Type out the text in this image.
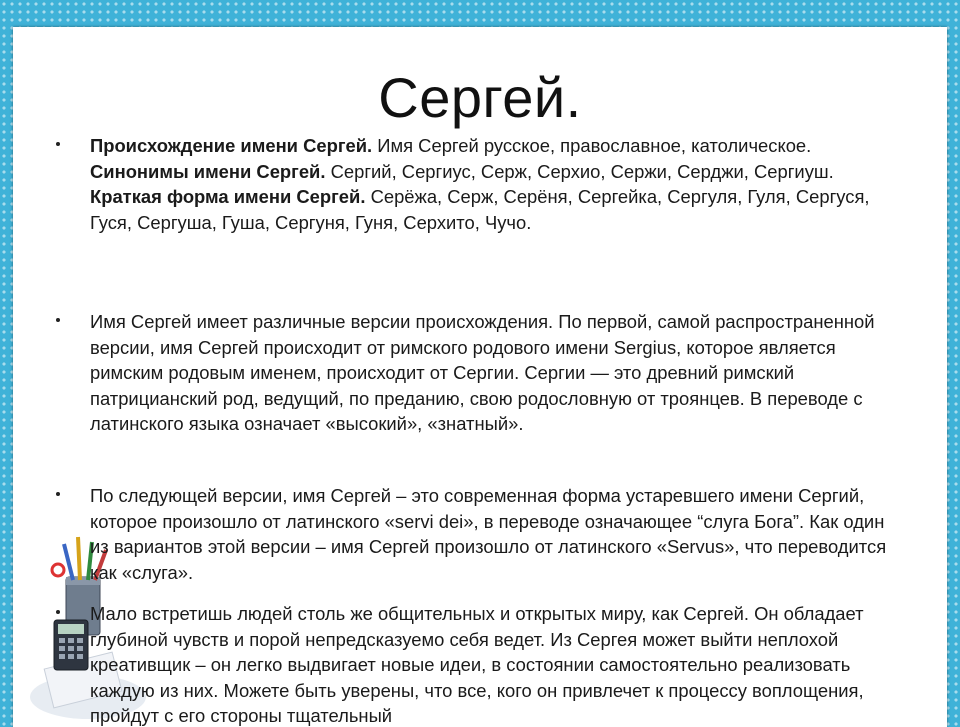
Сергей.

Происхождение имени Сергей. Имя Сергей русское, православное, католическое.

Синонимы имени Сергей. Сергий, Сергиус, Серж, Серхио, Сержи, Серджи, Сергиуш.

Краткая форма имени Сергей. Серёжа, Серж, Серёня, Сергейка, Сергуля, Гуля, Сергуся, Гуся, Сергуша, Гуша, Сергуня, Гуня, Серхито, Чучо.

Имя Сергей имеет различные версии происхождения. По первой, самой распространенной версии, имя Сергей происходит от римского родового имени Sergius, которое является римским родовым именем, происходит от Сергии. Сергии — это древний римский патрицианский род, ведущий, по преданию, свою родословную от троянцев. В переводе с латинского языка означает «высокий», «знатный».
По следующей версии, имя Сергей – это современная форма устаревшего имени Сергий, которое произошло от латинского «servi dei», в переводе означающее “слуга Бога”. Как один из вариантов этой версии – имя Сергей произошло от латинского «Servus», что переводится как «слуга».
Мало встретишь людей столь же общительных и открытых миру, как Сергей. Он обладает глубиной чувств и порой непредсказуемо себя ведет. Из Сергея может выйти неплохой креативщик – он легко выдвигает новые идеи, в состоянии самостоятельно реализовать каждую из них. Можете быть уверены, что все, кого он привлечет к процессу воплощения, пройдут с его стороны тщательный
